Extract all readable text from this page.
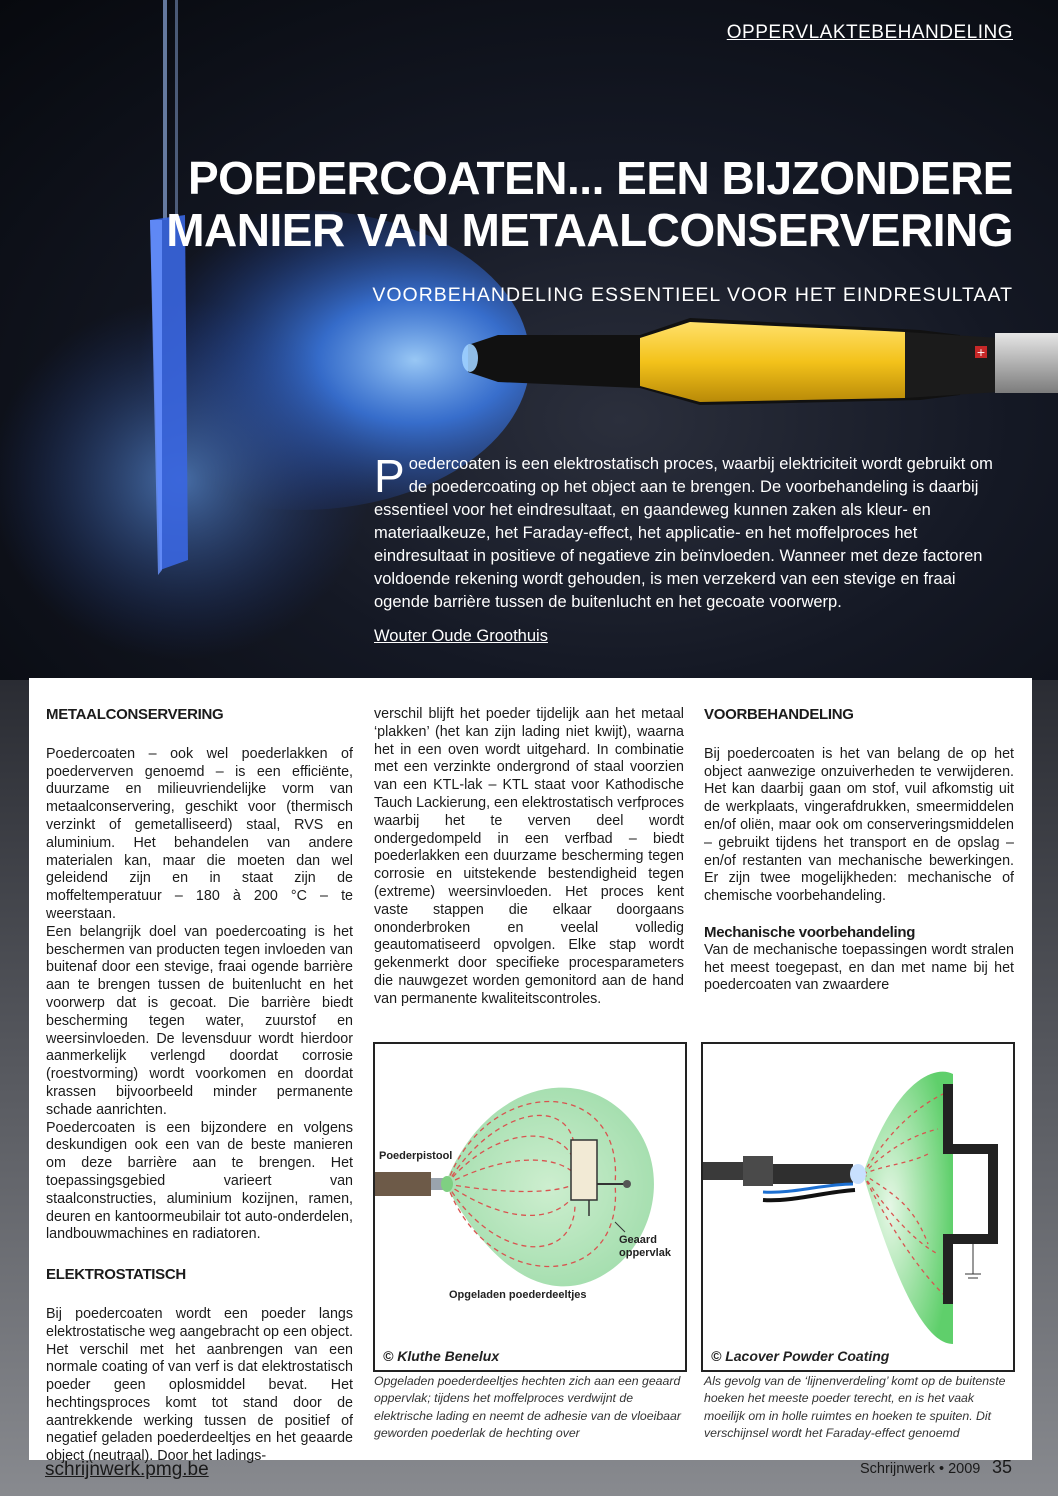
+
OPPERVLAKTEBEHANDELING
POEDERCOATEN... EEN BIJZONDERE
MANIER VAN METAALCONSERVERING
VOORBEHANDELING ESSENTIEEL VOOR HET EINDRESULTAAT
Poedercoaten is een elektrostatisch proces, waarbij elektriciteit wordt gebruikt om de poedercoating op het object aan te brengen. De voorbehandeling is daarbij essentieel voor het eindresultaat, en gaandeweg kunnen zaken als kleur- en materiaalkeuze, het Faraday-effect, het applicatie- en het moffelproces het eindresultaat in positieve of negatieve zin beïnvloeden. Wanneer met deze factoren voldoende rekening wordt gehouden, is men verzekerd van een stevige en fraai ogende barrière tussen de buitenlucht en het gecoate voorwerp.
Wouter Oude Groothuis
METAALCONSERVERING

Poedercoaten – ook wel poederlakken of poederverven genoemd – is een efficiënte, duurzame en milieuvriendelijke vorm van metaalconservering, geschikt voor (thermisch verzinkt of gemetalliseerd) staal, RVS en aluminium. Het behandelen van andere materialen kan, maar die moeten dan wel geleidend zijn en in staat zijn de moffeltemperatuur – 180 à 200 °C – te weerstaan.

Een belangrijk doel van poedercoating is het beschermen van producten tegen invloeden van buitenaf door een stevige, fraai ogende barrière aan te brengen tussen de buitenlucht en het voorwerp dat is gecoat. Die barrière biedt bescherming tegen water, zuurstof en weersinvloeden. De levensduur wordt hierdoor aanmerkelijk verlengd doordat corrosie (roestvorming) wordt voorkomen en doordat krassen bijvoorbeeld minder permanente schade aanrichten.

Poedercoaten is een bijzondere en volgens deskundigen ook een van de beste manieren om deze barrière aan te brengen. Het toepassingsgebied varieert van staalconstructies, aluminium kozijnen, ramen, deuren en kantoormeubilair tot auto-onderdelen, landbouwmachines en radiatoren.

ELEKTROSTATISCH

Bij poedercoaten wordt een poeder langs elektrostatische weg aangebracht op een object. Het verschil met het aanbrengen van een normale coating of van verf is dat elektrostatisch poeder geen oplosmiddel bevat. Het hechtingsproces komt tot stand door de aantrekkende werking tussen de positief of negatief geladen poederdeeltjes en het geaarde object (neutraal). Door het ladings-

verschil blijft het poeder tijdelijk aan het metaal ‘plakken’ (het kan zijn lading niet kwijt), waarna het in een oven wordt uitgehard. In combinatie met een verzinkte ondergrond of staal voorzien van een KTL-lak – KTL staat voor Kathodische Tauch Lackierung, een elektrostatisch verfproces waarbij het te verven deel wordt ondergedompeld in een verfbad – biedt poederlakken een duurzame bescherming tegen corrosie en uitstekende bestendigheid tegen (extreme) weersinvloeden. Het proces kent vaste stappen die elkaar doorgaans ononderbroken en veelal volledig geautomatiseerd opvolgen. Elke stap wordt gekenmerkt door specifieke procesparameters die nauwgezet worden gemonitord aan de hand van permanente kwaliteitscontroles.

VOORBEHANDELING

Bij poedercoaten is het van belang de op het object aanwezige onzuiverheden te verwijderen. Het kan daarbij gaan om stof, vuil afkomstig uit de werkplaats, vingerafdrukken, smeermiddelen en/of oliën, maar ook om conserveringsmiddelen – gebruikt tijdens het transport en de opslag – en/of restanten van mechanische bewerkingen. Er zijn twee mogelijkheden: mechanische of chemische voorbehandeling.

Mechanische voorbehandeling

Van de mechanische toepassingen wordt stralen het meest toegepast, en dan met name bij het poedercoaten van zwaardere

Poederpistool
Geaard oppervlak
Opgeladen poederdeeltjes
© Kluthe Benelux	© Lacover Powder Coating
Opgeladen poederdeeltjes hechten zich aan een geaard oppervlak; tijdens het moffelproces verdwijnt de elektrische lading en neemt de adhesie van de vloeibaar geworden poederlak de hechting over
Als gevolg van de ‘lijnenverdeling’ komt op de buitenste hoeken het meeste poeder terecht, en is het vaak moeilijk om in holle ruimtes en hoeken te spuiten. Dit verschijnsel wordt het Faraday-effect genoemd
schrijnwerk.pmg.be	Schrijnwerk • 2009 35
